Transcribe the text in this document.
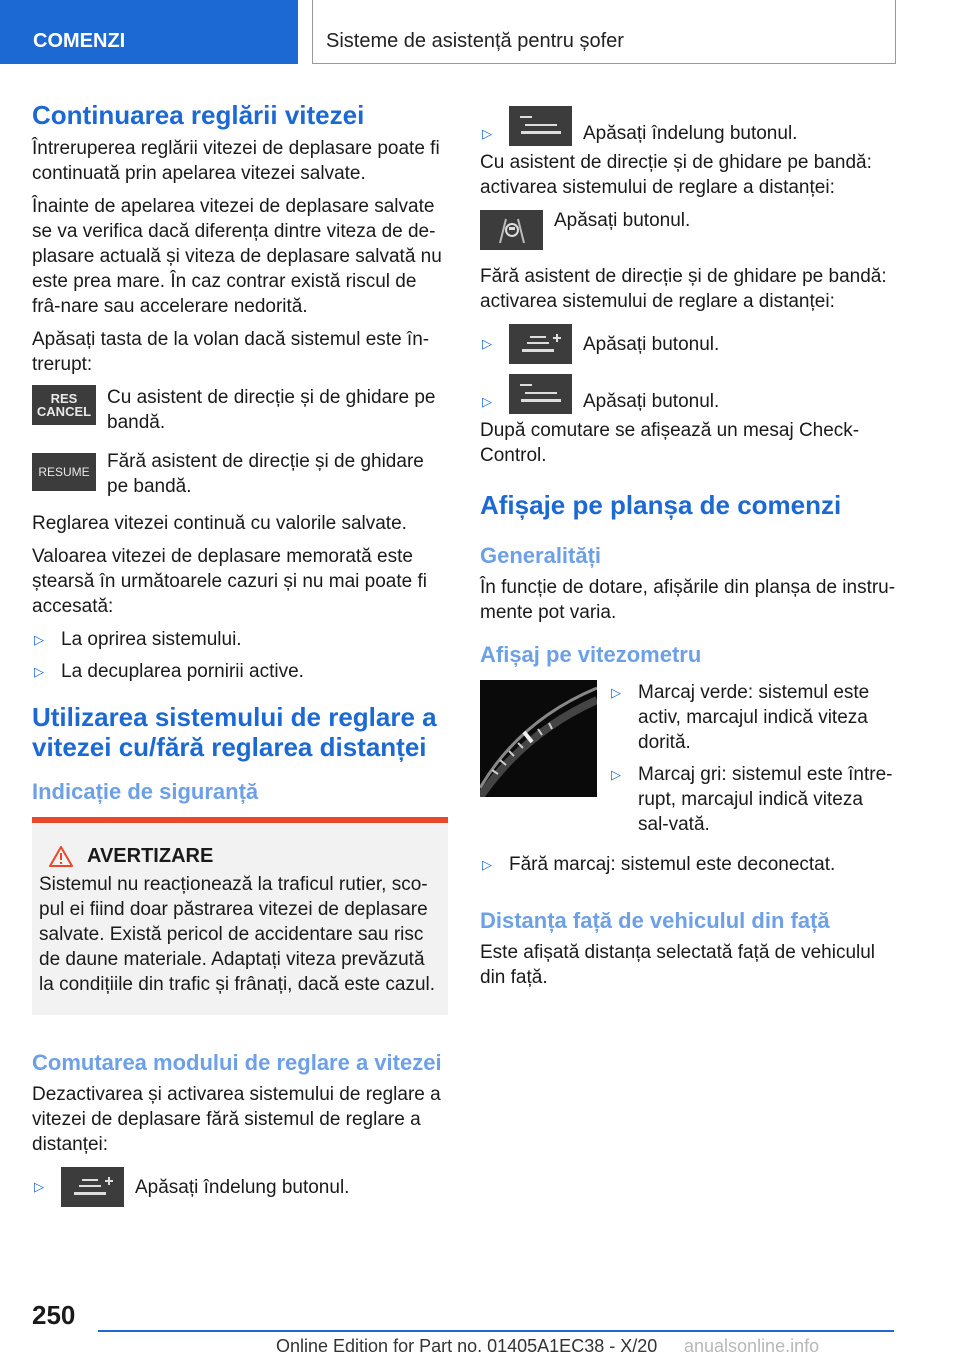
COMENZI	Sisteme de asistență pentru șofer
Continuarea reglării vitezei

Întreruperea reglării vitezei de deplasare poate fi continuată prin apelarea vitezei salvate.

Înainte de apelarea vitezei de deplasare salvate se va verifica dacă diferența dintre viteza de de-plasare actuală și viteza de deplasare salvată nu este prea mare. În caz contrar există riscul de frâ-nare sau accelerare nedorită.

Apăsați tasta de la volan dacă sistemul este în-trerupt:

RES
CANCEL
Cu asistent de direcție și de ghidare pe bandă.
RESUME Fără asistent de direcție și de ghidare pe bandă.

Reglarea vitezei continuă cu valorile salvate.

Valoarea vitezei de deplasare memorată este ștearsă în următoarele cazuri și nu mai poate fi accesată:

▷ La oprirea sistemului.
▷ La decuplarea pornirii active.
Utilizarea sistemului de reglare a vitezei cu/fără reglarea distanței
Indicație de siguranță
AVERTIZARE

Sistemul nu reacționează la traficul rutier, sco-pul ei fiind doar păstrarea vitezei de deplasare salvate. Există pericol de accidentare sau risc de daune materiale. Adaptați viteza prevăzută la condițiile din trafic și frânați, dacă este cazul.

Comutarea modului de reglare a vitezei

Dezactivarea și activarea sistemului de reglare a vitezei de deplasare fără sistemul de reglare a distanței:

▷	Apăsați îndelung butonul.
▷	Apăsați îndelung butonul.

Cu asistent de direcție și de ghidare pe bandă: activarea sistemului de reglare a distanței:

Apăsați butonul.

Fără asistent de direcție și de ghidare pe bandă: activarea sistemului de reglare a distanței:

▷	Apăsați butonul.
▷	Apăsați butonul.

După comutare se afișează un mesaj Check-Control.

Afișaje pe planșa de comenzi
Generalități

În funcție de dotare, afișările din planșa de instru-mente pot varia.

Afișaj pe vitezometru
▷ Marcaj verde: sistemul este activ, marcajul indică viteza dorită.
▷ Marcaj gri: sistemul este între-rupt, marcajul indică viteza sal-vată.
▷ Fără marcaj: sistemul este deconectat.
Distanța față de vehiculul din față

Este afișată distanța selectată față de vehiculul din față.

250
Online Edition for Part no. 01405A1EC38 - X/20 anualsonline.info
